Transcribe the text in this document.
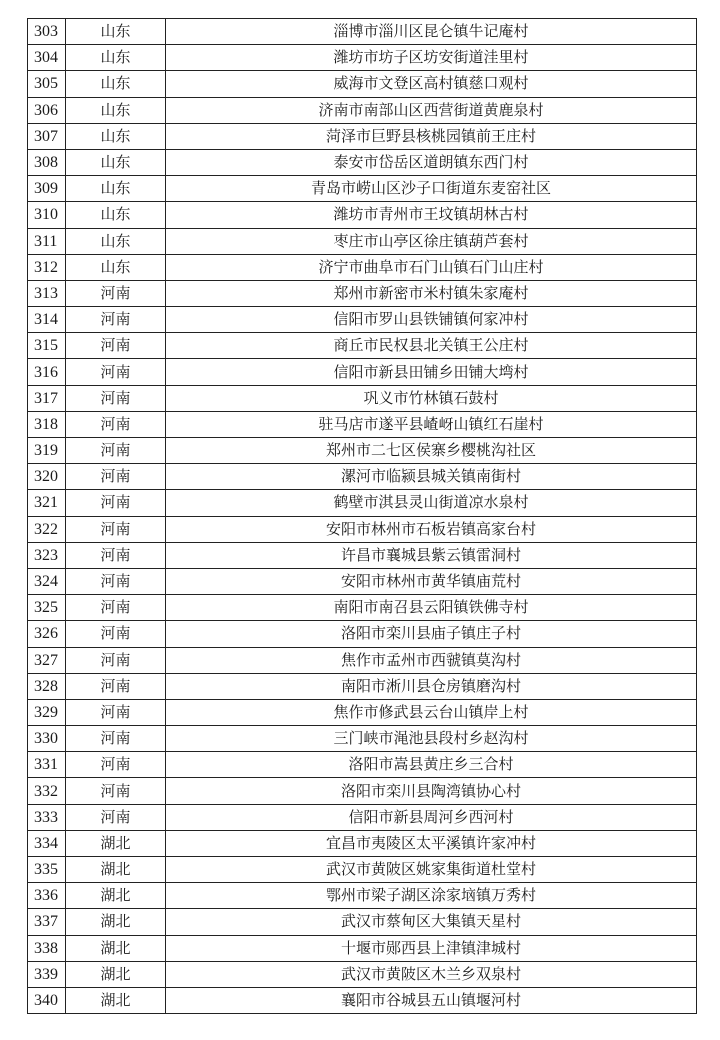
303	山东	淄博市淄川区昆仑镇牛记庵村
304	山东	潍坊市坊子区坊安街道洼里村
305	山东	威海市文登区高村镇慈口观村
306	山东	济南市南部山区西营街道黄鹿泉村
307	山东	菏泽市巨野县核桃园镇前王庄村
308	山东	泰安市岱岳区道朗镇东西门村
309	山东	青岛市崂山区沙子口街道东麦窑社区
310	山东	潍坊市青州市王坟镇胡林古村
311	山东	枣庄市山亭区徐庄镇葫芦套村
312	山东	济宁市曲阜市石门山镇石门山庄村
313	河南	郑州市新密市米村镇朱家庵村
314	河南	信阳市罗山县铁铺镇何家冲村
315	河南	商丘市民权县北关镇王公庄村
316	河南	信阳市新县田铺乡田铺大塆村
317	河南	巩义市竹林镇石鼓村
318	河南	驻马店市遂平县嵖岈山镇红石崖村
319	河南	郑州市二七区侯寨乡樱桃沟社区
320	河南	漯河市临颍县城关镇南街村
321	河南	鹤壁市淇县灵山街道凉水泉村
322	河南	安阳市林州市石板岩镇高家台村
323	河南	许昌市襄城县紫云镇雷洞村
324	河南	安阳市林州市黄华镇庙荒村
325	河南	南阳市南召县云阳镇铁佛寺村
326	河南	洛阳市栾川县庙子镇庄子村
327	河南	焦作市孟州市西虢镇莫沟村
328	河南	南阳市淅川县仓房镇磨沟村
329	河南	焦作市修武县云台山镇岸上村
330	河南	三门峡市渑池县段村乡赵沟村
331	河南	洛阳市嵩县黄庄乡三合村
332	河南	洛阳市栾川县陶湾镇协心村
333	河南	信阳市新县周河乡西河村
334	湖北	宜昌市夷陵区太平溪镇许家冲村
335	湖北	武汉市黄陂区姚家集街道杜堂村
336	湖北	鄂州市梁子湖区涂家垴镇万秀村
337	湖北	武汉市蔡甸区大集镇天星村
338	湖北	十堰市郧西县上津镇津城村
339	湖北	武汉市黄陂区木兰乡双泉村
340	湖北	襄阳市谷城县五山镇堰河村
